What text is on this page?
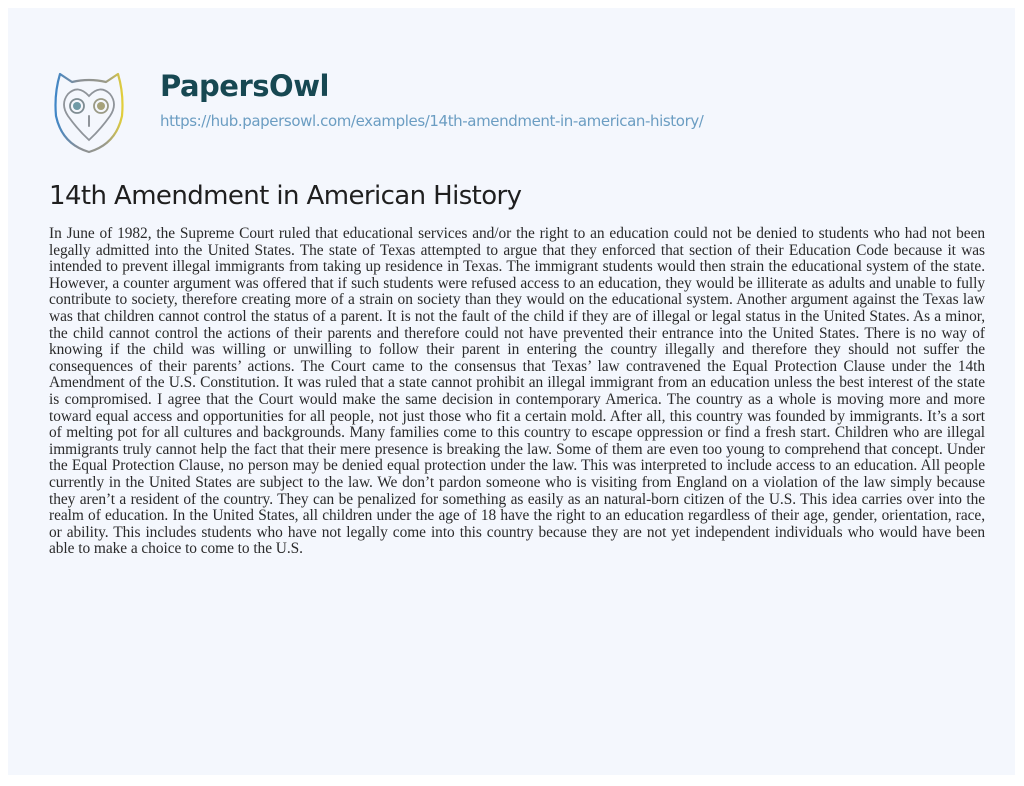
PapersOwl
https://hub.papersowl.com/examples/14th-amendment-in-american-history/
14th Amendment in American History

In June of 1982, the Supreme Court ruled that educational services and/or the right to an education could not be denied to students who had not been legally admitted into the United States. The state of Texas attempted to argue that they enforced that section of their Education Code because it was intended to prevent illegal immigrants from taking up residence in Texas. The immigrant students would then strain the educational system of the state. However, a counter argument was offered that if such students were refused access to an education, they would be illiterate as adults and unable to fully contribute to society, therefore creating more of a strain on society than they would on the educational system. Another argument against the Texas law was that children cannot control the status of a parent. It is not the fault of the child if they are of illegal or legal status in the United States. As a minor, the child cannot control the actions of their parents and therefore could not have prevented their entrance into the United States. There is no way of knowing if the child was willing or unwilling to follow their parent in entering the country illegally and therefore they should not suffer the consequences of their parents’ actions. The Court came to the consensus that Texas’ law contravened the Equal Protection Clause under the 14th Amendment of the U.S. Constitution. It was ruled that a state cannot prohibit an illegal immigrant from an education unless the best interest of the state is compromised. I agree that the Court would make the same decision in contemporary America. The country as a whole is moving more and more toward equal access and opportunities for all people, not just those who fit a certain mold. After all, this country was founded by immigrants. It’s a sort of melting pot for all cultures and backgrounds. Many families come to this country to escape oppression or find a fresh start. Children who are illegal immigrants truly cannot help the fact that their mere presence is breaking the law. Some of them are even too young to comprehend that concept. Under the Equal Protection Clause, no person may be denied equal protection under the law. This was interpreted to include access to an education. All people currently in the United States are subject to the law. We don’t pardon someone who is visiting from England on a violation of the law simply because they aren’t a resident of the country. They can be penalized for something as easily as an natural-born citizen of the U.S. This idea carries over into the realm of education. In the United States, all children under the age of 18 have the right to an education regardless of their age, gender, orientation, race, or ability. This includes students who have not legally come into this country because they are not yet independent individuals who would have been able to make a choice to come to the U.S.
